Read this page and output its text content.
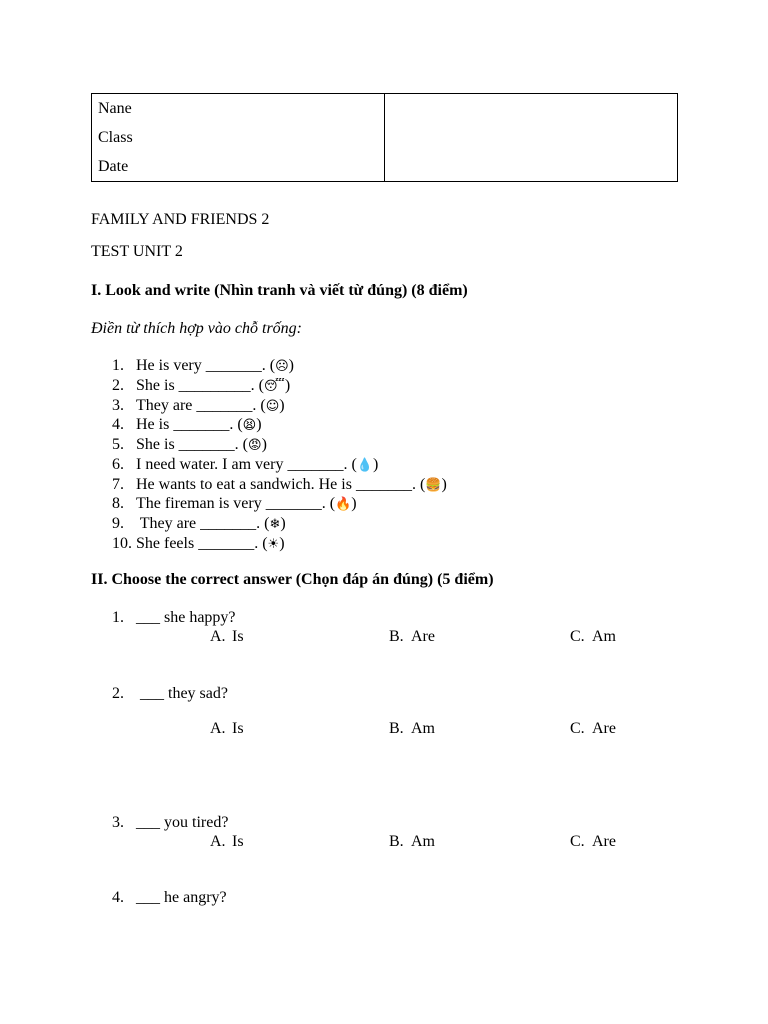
Nane
Class
Date

FAMILY AND FRIENDS 2
TEST UNIT 2
I. Look and write (Nhìn tranh và viết từ đúng) (8 điểm)
Điền từ thích hợp vào chỗ trống:
1. He is very _______. (☹)
2. She is _________. (😴)
3. They are _______. (☺)
4. He is _______. (😫)
5. She is _______. (😡)
6. I need water. I am very _______. (💧)
7. He wants to eat a sandwich. He is _______. (🍔)
8. The fireman is very _______. (🔥)
9. They are _______. (❄)
10. She feels _______. (☀)
II. Choose the correct answer (Chọn đáp án đúng) (5 điểm)
1. ___ she happy?
A. Is	B. Are	C. Am
2. ___ they sad?
A. Is	B. Am	C. Are
3. ___ you tired?
A. Is	B. Am	C. Are
4. ___ he angry?
